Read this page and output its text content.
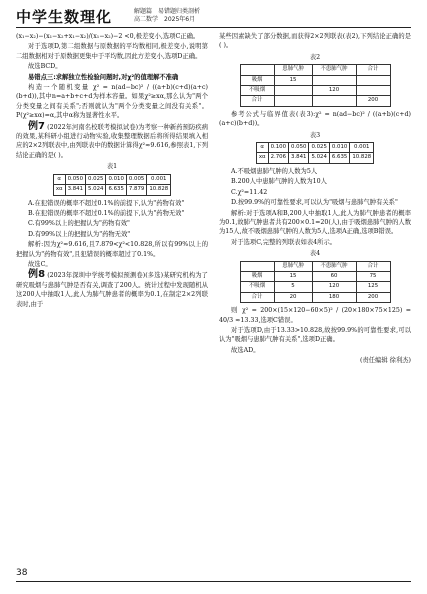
中学生数理化	解题篇 易错题归类剖析
高二数学 2025年6月

(x₁−x₂)−(x₁−x₂+x₁−x₂)/(x₁−x₂)−2 <0,极差变小,选项C正确。

对于选项D,第二组数据与原数据的平均数相同,极差变小,说明第二组数据相对于原数据更集中于平均数,因此方差变小,选项D正确。

故选BCD。

易错点三:求解独立性检验问题时,对χ²的值理解不准确

构造一个随机变量 χ² = n(ad−bc)² / ((a+b)(c+d)(a+c)(b+d)),其中n=a+b+c+d为样本容量。如果χ²≥xα,那么认为"两个分类变量之间有关系";否则就认为"两个分类变量之间没有关系"。P(χ²≥xα)=α,其中α称为显著性水平。

例7 (2022年河南名校联考模拟试卷)为考察一种新药预防疾病的效果,某科研小组进行动物实验,收集整理数据后将所得结果填入相应的2×2列联表中,由列联表中的数据计算得χ²≈9.616,参照表1,下列结论正确的是( )。

表1
α	0.050	0.025	0.010	0.005	0.001
xα	3.841	5.024	6.635	7.879	10.828

A.在犯错误的概率不超过0.1%的前提下,认为"药物有效"

B.在犯错误的概率不超过0.1%的前提下,认为"药物无效"

C.有99%以上的把握认为"药物有效"

D.有99%以上的把握认为"药物无效"

解析:因为χ²≈9.616,且7.879<χ²<10.828,所以有99%以上的把握认为"药物有效",且犯错误的概率超过了0.1%。

故选C。

例8 (2023年深圳中学统考模拟预测卷)(多选)某研究机构为了研究吸烟与患肺气肿是否有关,调查了200人。统计过程中发现随机从这200人中抽取1人,此人为肺气肿患者的概率为0.1,在制定2×2列联表时,由于

某些因素缺失了部分数据,而获得2×2列联表(表2),下列结论正确的是( )。

表2
	患肺气肿	不患肺气肿	合计
吸烟	15		
不吸烟		120	
合计			200

参考公式与临界值表(表3):χ² = n(ad−bc)² / ((a+b)(c+d)(a+c)(b+d))。

表3
α	0.100	0.050	0.025	0.010	0.001
xα	2.706	3.841	5.024	6.635	10.828

A.不吸烟患肺气肿的人数为5人

B.200人中患肺气肿的人数为10人

C.χ²=11.42

D.按99.9%的可靠性要求,可以认为"吸烟与患肺气肿有关系"

解析:对于选项A和B,200人中抽取1人,此人为肺气肿患者的概率为0.1,故肺气肿患者共有200×0.1=20(人),由于吸烟患肺气肿的人数为15人,故不吸烟患肺气肿的人数为5人,选项A正确,选项B错误。

对于选项C,完整的列联表如表4所示。

表4
	患肺气肿	不患肺气肿	合计
吸烟	15	60	75
不吸烟	5	120	125
合计	20	180	200

则 χ² = 200×(15×120−60×5)² / (20×180×75×125) = 40/3 ≈13.33,选项C错误。

对于选项D,由于13.33>10.828,故按99.9%的可靠性要求,可以认为"吸烟与患肺气肿有关系",选项D正确。

故选AD。

(责任编辑 徐利杰)

38
